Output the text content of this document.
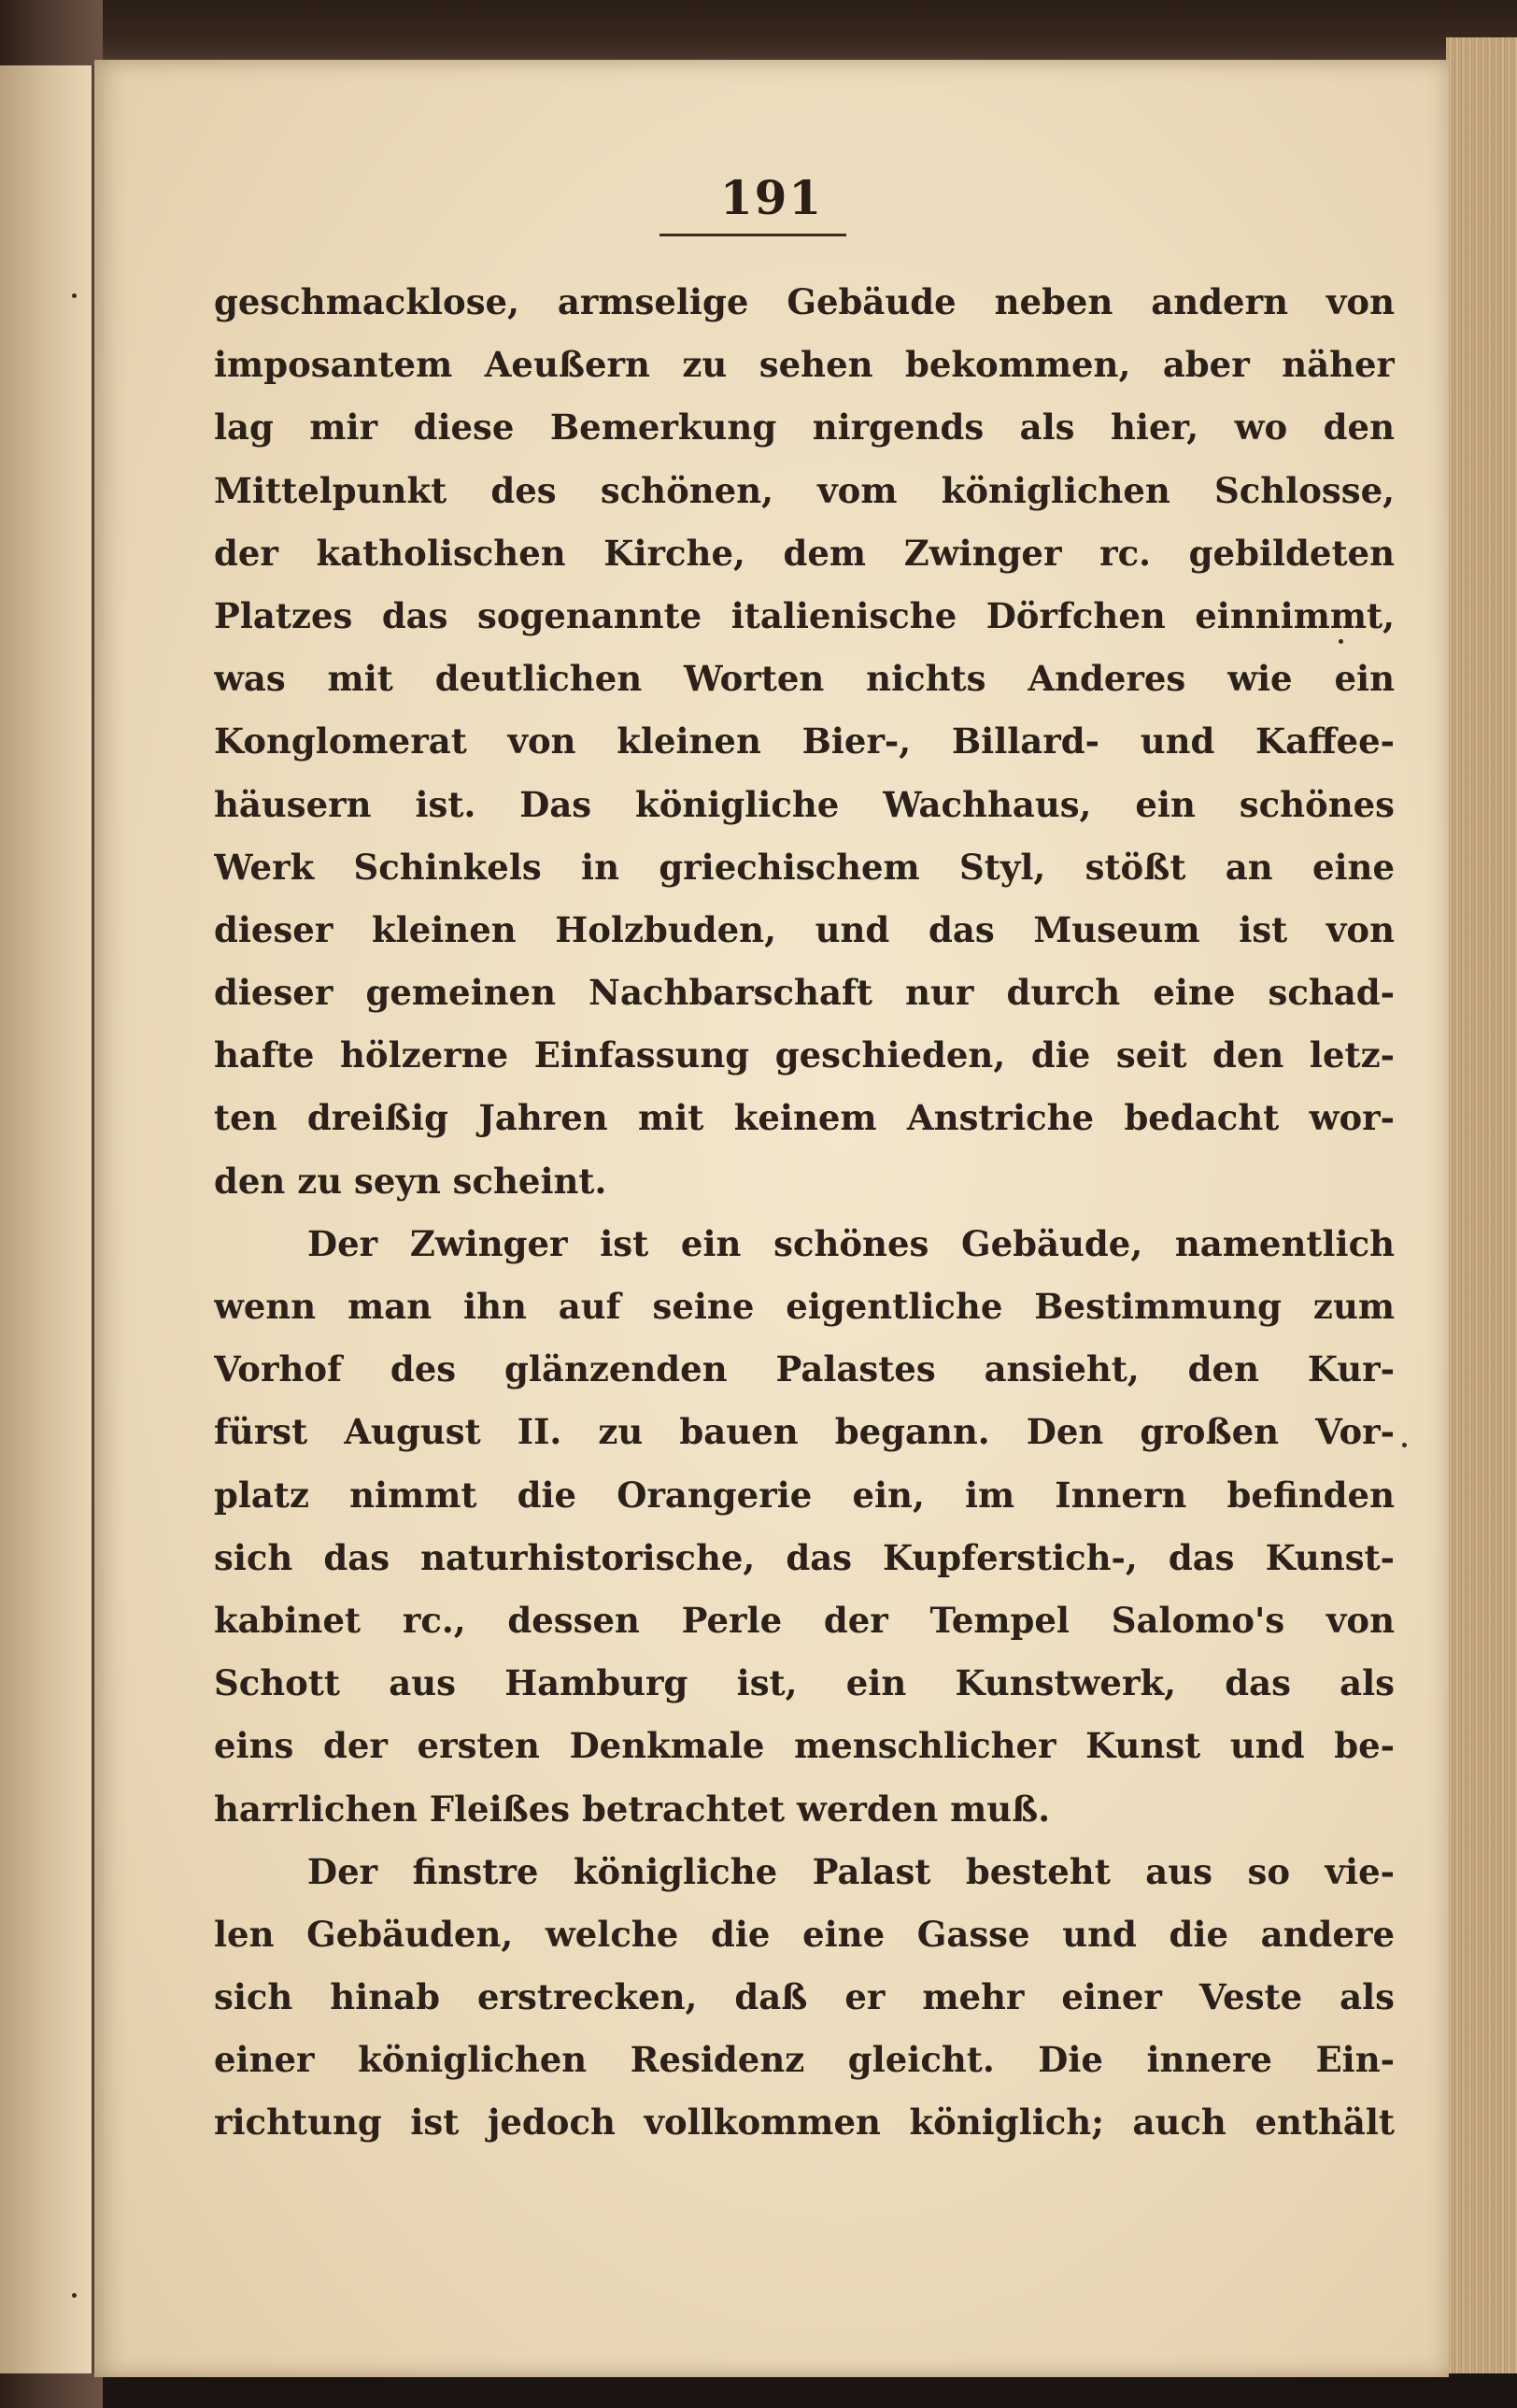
191
geschmacklose, armselige Gebäude neben andern von
imposantem Aeußern zu sehen bekommen, aber näher
lag mir diese Bemerkung nirgends als hier, wo den
Mittelpunkt des schönen, vom königlichen Schlosse,
der katholischen Kirche, dem Zwinger rc. gebildeten
Platzes das sogenannte italienische Dörfchen einnimmt,
was mit deutlichen Worten nichts Anderes wie ein
Konglomerat von kleinen Bier-, Billard- und Kaffee-
häusern ist. Das königliche Wachhaus, ein schönes
Werk Schinkels in griechischem Styl, stößt an eine
dieser kleinen Holzbuden, und das Museum ist von
dieser gemeinen Nachbarschaft nur durch eine schad-
hafte hölzerne Einfassung geschieden, die seit den letz-
ten dreißig Jahren mit keinem Anstriche bedacht wor-
den zu seyn scheint.
Der Zwinger ist ein schönes Gebäude, namentlich
wenn man ihn auf seine eigentliche Bestimmung zum
Vorhof des glänzenden Palastes ansieht, den Kur-
fürst August II. zu bauen begann. Den großen Vor-
platz nimmt die Orangerie ein, im Innern befinden
sich das naturhistorische, das Kupferstich-, das Kunst-
kabinet rc., dessen Perle der Tempel Salomo's von
Schott aus Hamburg ist, ein Kunstwerk, das als
eins der ersten Denkmale menschlicher Kunst und be-
harrlichen Fleißes betrachtet werden muß.
Der finstre königliche Palast besteht aus so vie-
len Gebäuden, welche die eine Gasse und die andere
sich hinab erstrecken, daß er mehr einer Veste als
einer königlichen Residenz gleicht. Die innere Ein-
richtung ist jedoch vollkommen königlich; auch enthält
